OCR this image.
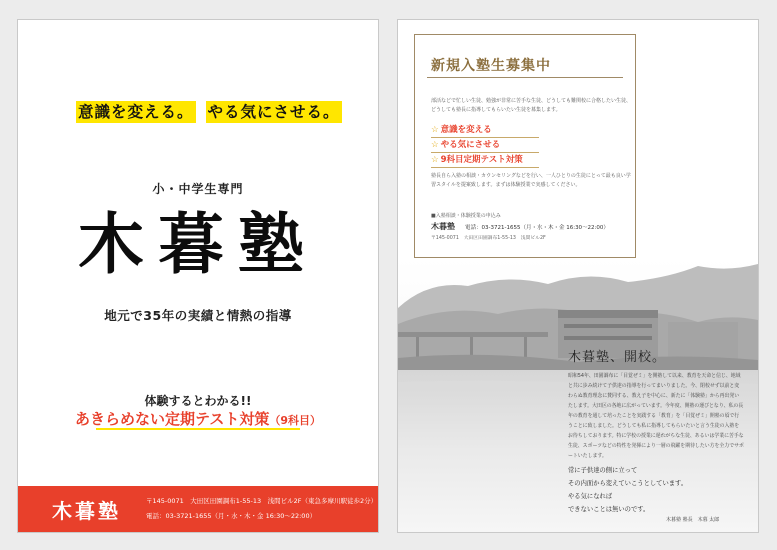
意識を変える。 やる気にさせる。
小・中学生専門
木暮塾
地元で35年の実績と情熱の指導
体験するとわかる!!
あきらめない定期テスト対策（9科目）
木暮塾	〒145-0071　大田区田園調布1-55-13　浅間ビル2F（東急多摩川駅徒歩2分）
電話：03-3721-1655（月・水・木・金 16:30〜22:00）
新規入塾生募集中
部活などで忙しい生徒、勉強が非常に苦手な生徒、どうしても難関校に合格したい生徒、どうしても塾長に指導してもらいたい生徒を募集します。
☆ 意識を変える
☆ やる気にさせる
☆ 9科目定期テスト対策
塾長自ら入塾の相談・カウンセリングなどを行い、一人ひとりの生徒にとって最も良い学習スタイルを提案致します。まずは体験授業で実感してください。
■入塾相談・体験授業の申込み
木暮塾 電話：03-3721-1655（月・水・木・金 16:30〜22:00）
〒145-0071　大田区田園調布1-55-13　浅間ビル2F
木暮塾、開校。
昭和54年、田園調布に「目覚ぜミ」を開塾して以来、教育を天命と信じ、地域と共に歩み続けて子供達の指導を行ってまいりました。今、閉校せず以前と変わらぬ教育理念に賛同する、教え子を中心に、新たに「体験塾」から再出発いたします。大田区の各地に広がっています。今年度、開塾の運びとなり、私の長年の教育を通して培ったことを実践する「教育」を「目覚ぜミ」開塾の頃で行うことに致しました。どうしても私に指導してもらいたいと言う生徒の入塾をお待ちしております。特に学校の授業に遅れがちな生徒、あるいは学業に苦手な生徒、スポーツなどの特性を発揮により一層の飛躍を期待したい方を全力でサポートいたします。
常に子供達の側に立って
その内面から変えていこうとしています。
やる気になれば
できないことは無いのです。
木暮塾 塾長　木暮 太郎
